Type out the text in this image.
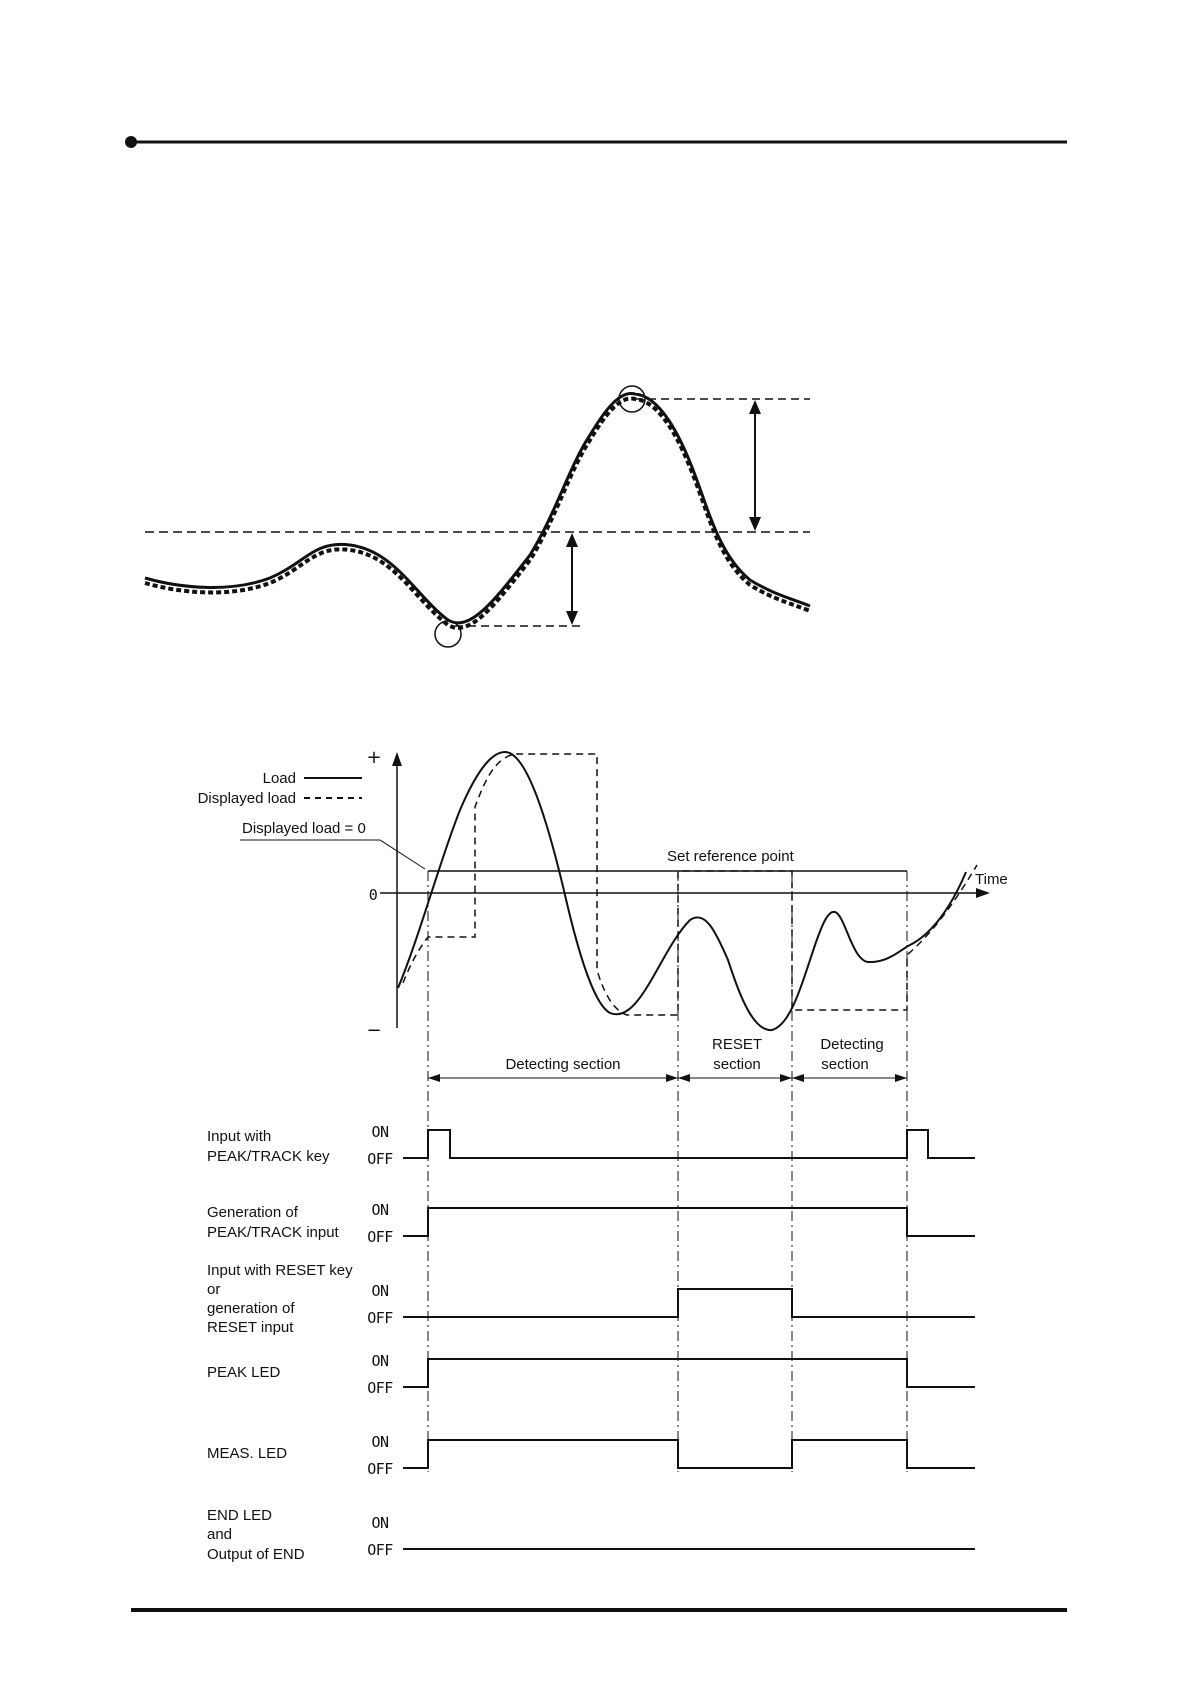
+
−
0
Time
Load
Displayed load
Displayed load = 0
Set reference point
Detecting section
RESET
section
Detecting
section
Input with
PEAK/TRACK key
ON
OFF
Generation of
PEAK/TRACK input
ON
OFF
Input with RESET key
or
generation of
RESET input
ON
OFF
PEAK LED
ON
OFF
MEAS. LED
ON
OFF
END LED
and
Output of END
ON
OFF
